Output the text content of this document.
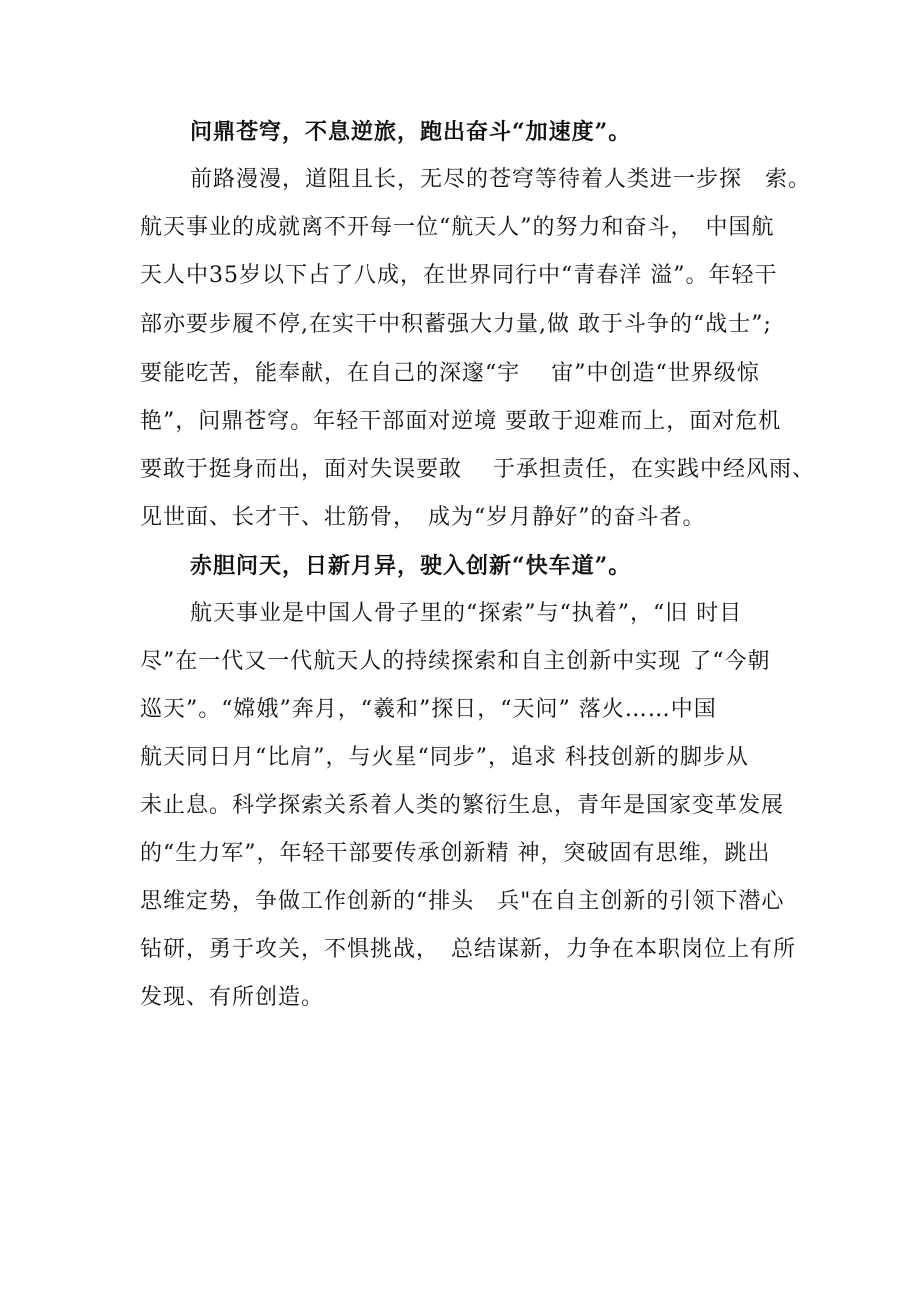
问鼎苍穹，不息逆旅，跑出奋斗“加速度”。
前路漫漫，道阻且长，无尽的苍穹等待着人类进一步探　索。
航天事业的成就离不开每一位“航天人”的努力和奋斗，　中国航
天人中35岁以下占了八成，在世界同行中“青春洋 溢”。年轻干
部亦要步履不停,在实干中积蓄强大力量,做 敢于斗争的“战士”;
要能吃苦，能奉献，在自己的深邃“宇　 宙”中创造“世界级惊
艳”，问鼎苍穹。年轻干部面对逆境 要敢于迎难而上，面对危机
要敢于挺身而出，面对失误要敢　 于承担责任，在实践中经风雨、
见世面、长才干、壮筋骨，　成为“岁月静好”的奋斗者。
赤胆问天，日新月异，驶入创新“快车道”。
航天事业是中国人骨子里的“探索”与“执着”，“旧 时目
尽”在一代又一代航天人的持续探索和自主创新中实现 了“今朝
巡天”。“嫦娥”奔月，“羲和”探日，“天问” 落火……中国
航天同日月“比肩”，与火星“同步”，追求 科技创新的脚步从
未止息。科学探索关系着人类的繁衍生息，青年是国家变革发展
的“生力军”，年轻干部要传承创新精 神，突破固有思维，跳出
思维定势，争做工作创新的“排头　兵"在自主创新的引领下潜心
钻研，勇于攻关，不惧挑战，　总结谋新，力争在本职岗位上有所
发现、有所创造。
